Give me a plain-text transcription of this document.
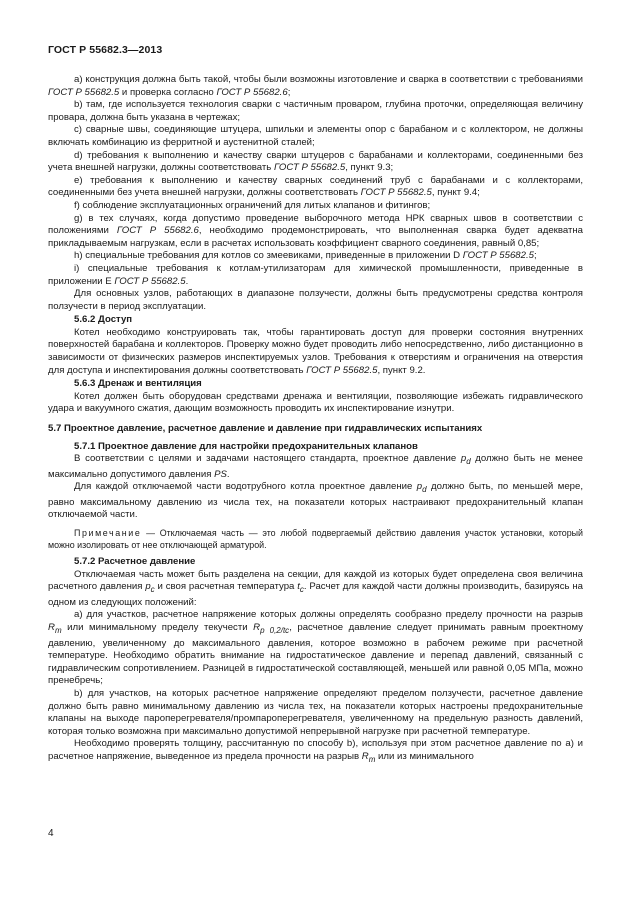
ГОСТ Р 55682.3—2013

а) конструкция должна быть такой, чтобы были возможны изготовление и сварка в соответствии с требованиями ГОСТ Р 55682.5 и проверка согласно ГОСТ Р 55682.6;

b) там, где используется технология сварки с частичным проваром, глубина проточки, определяющая величину провара, должна быть указана в чертежах;

c) сварные швы, соединяющие штуцера, шпильки и элементы опор с барабаном и с коллектором, не должны включать комбинацию из ферритной и аустенитной сталей;

d) требования к выполнению и качеству сварки штуцеров с барабанами и коллекторами, соединенными без учета внешней нагрузки, должны соответствовать ГОСТ Р 55682.5, пункт 9.3;

е) требования к выполнению и качеству сварных соединений труб с барабанами и с коллекторами, соединенными без учета внешней нагрузки, должны соответствовать ГОСТ Р 55682.5, пункт 9.4;

f) соблюдение эксплуатационных ограничений для литых клапанов и фитингов;

g) в тех случаях, когда допустимо проведение выборочного метода НРК сварных швов в соответствии с положениями ГОСТ Р 55682.6, необходимо продемонстрировать, что выполненная сварка будет адекватна прикладываемым нагрузкам, если в расчетах использовать коэффициент сварного соединения, равный 0,85;

h) специальные требования для котлов со змеевиками, приведенные в приложении D ГОСТ Р 55682.5;

i) специальные требования к котлам-утилизаторам для химической промышленности, приведенные в приложении Е ГОСТ Р 55682.5.

Для основных узлов, работающих в диапазоне ползучести, должны быть предусмотрены средства контроля ползучести в период эксплуатации.

5.6.2 Доступ

Котел необходимо конструировать так, чтобы гарантировать доступ для проверки состояния внутренних поверхностей барабана и коллекторов. Проверку можно будет проводить либо непосредственно, либо дистанционно в зависимости от физических размеров инспектируемых узлов. Требования к отверстиям и ограничения на отверстия для доступа и инспектирования должны соответствовать ГОСТ Р 55682.5, пункт 9.2.

5.6.3 Дренаж и вентиляция

Котел должен быть оборудован средствами дренажа и вентиляции, позволяющие избежать гидравлического удара и вакуумного сжатия, дающим возможность проводить их инспектирование изнутри.

5.7 Проектное давление, расчетное давление и давление при гидравлических испытаниях

5.7.1 Проектное давление для настройки предохранительных клапанов

В соответствии с целями и задачами настоящего стандарта, проектное давление $p_d$ должно быть не менее максимально допустимого давления PS.

Для каждой отключаемой части водотрубного котла проектное давление $p_d$ должно быть, по меньшей мере, равно максимальному давлению из числа тех, на показатели которых настраивают предохранительный клапан отключаемой части.

Примечание — Отключаемая часть — это любой подвергаемый действию давления участок установки, который можно изолировать от нее отключающей арматурой.

5.7.2 Расчетное давление

Отключаемая часть может быть разделена на секции, для каждой из которых будет определена своя величина расчетного давления $p_c$ и своя расчетная температура $t_c$. Расчет для каждой части должны производить, базируясь на одном из следующих положений:

а) для участков, расчетное напряжение которых должны определять сообразно пределу прочности на разрыв $R_m$ или минимальному пределу текучести $R_{p 0,2/tc}$, расчетное давление следует принимать равным проектному давлению, увеличенному до максимального давления, которое возможно в рабочем режиме при расчетной температуре. Необходимо обратить внимание на гидростатическое давление и перепад давлений, связанный с гидравлическим сопротивлением. Разницей в гидростатической составляющей, меньшей или равной 0,05 МПа, можно пренебречь;

b) для участков, на которых расчетное напряжение определяют пределом ползучести, расчетное давление должно быть равно минимальному давлению из числа тех, на показатели которых настроены предохранительные клапаны на выходе пароперегревателя/промпароперегревателя, увеличенному на предельную разность давлений, которая только возможна при максимально допустимой непрерывной нагрузке при расчетной температуре.

Необходимо проверять толщину, рассчитанную по способу b), используя при этом расчетное давление по а) и расчетное напряжение, выведенное из предела прочности на разрыв $R_m$ или из минимального

4
